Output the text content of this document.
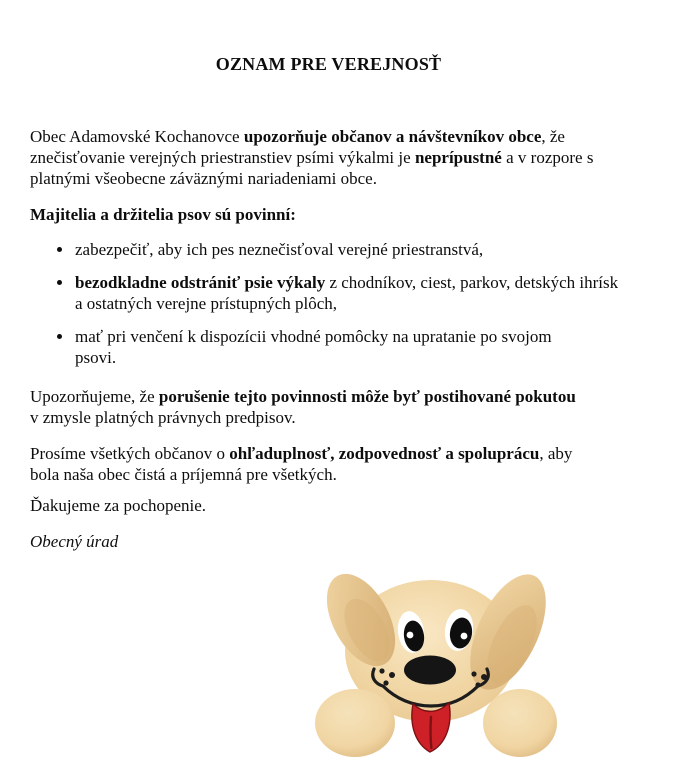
OZNAM PRE VEREJNOSŤ

Obec Adamovské Kochanovce upozorňuje občanov a návštevníkov obce, že znečisťovanie verejných priestranstiev psími výkalmi je neprípustné a v rozpore s platnými všeobecne záväznými nariadeniami obce.

Majitelia a držitelia psov sú povinní:

zabezpečiť, aby ich pes neznečisťoval verejné priestranstvá,
bezodkladne odstrániť psie výkaly z chodníkov, ciest, parkov, detských ihrísk a ostatných verejne prístupných plôch,
mať pri venčení k dispozícii vhodné pomôcky na upratanie po svojom psovi.

Upozorňujeme, že porušenie tejto povinnosti môže byť postihované pokutou v zmysle platných právnych predpisov.

Prosíme všetkých občanov o ohľaduplnosť, zodpovednosť a spoluprácu, aby bola naša obec čistá a príjemná pre všetkých.

Ďakujeme za pochopenie.

Obecný úrad
